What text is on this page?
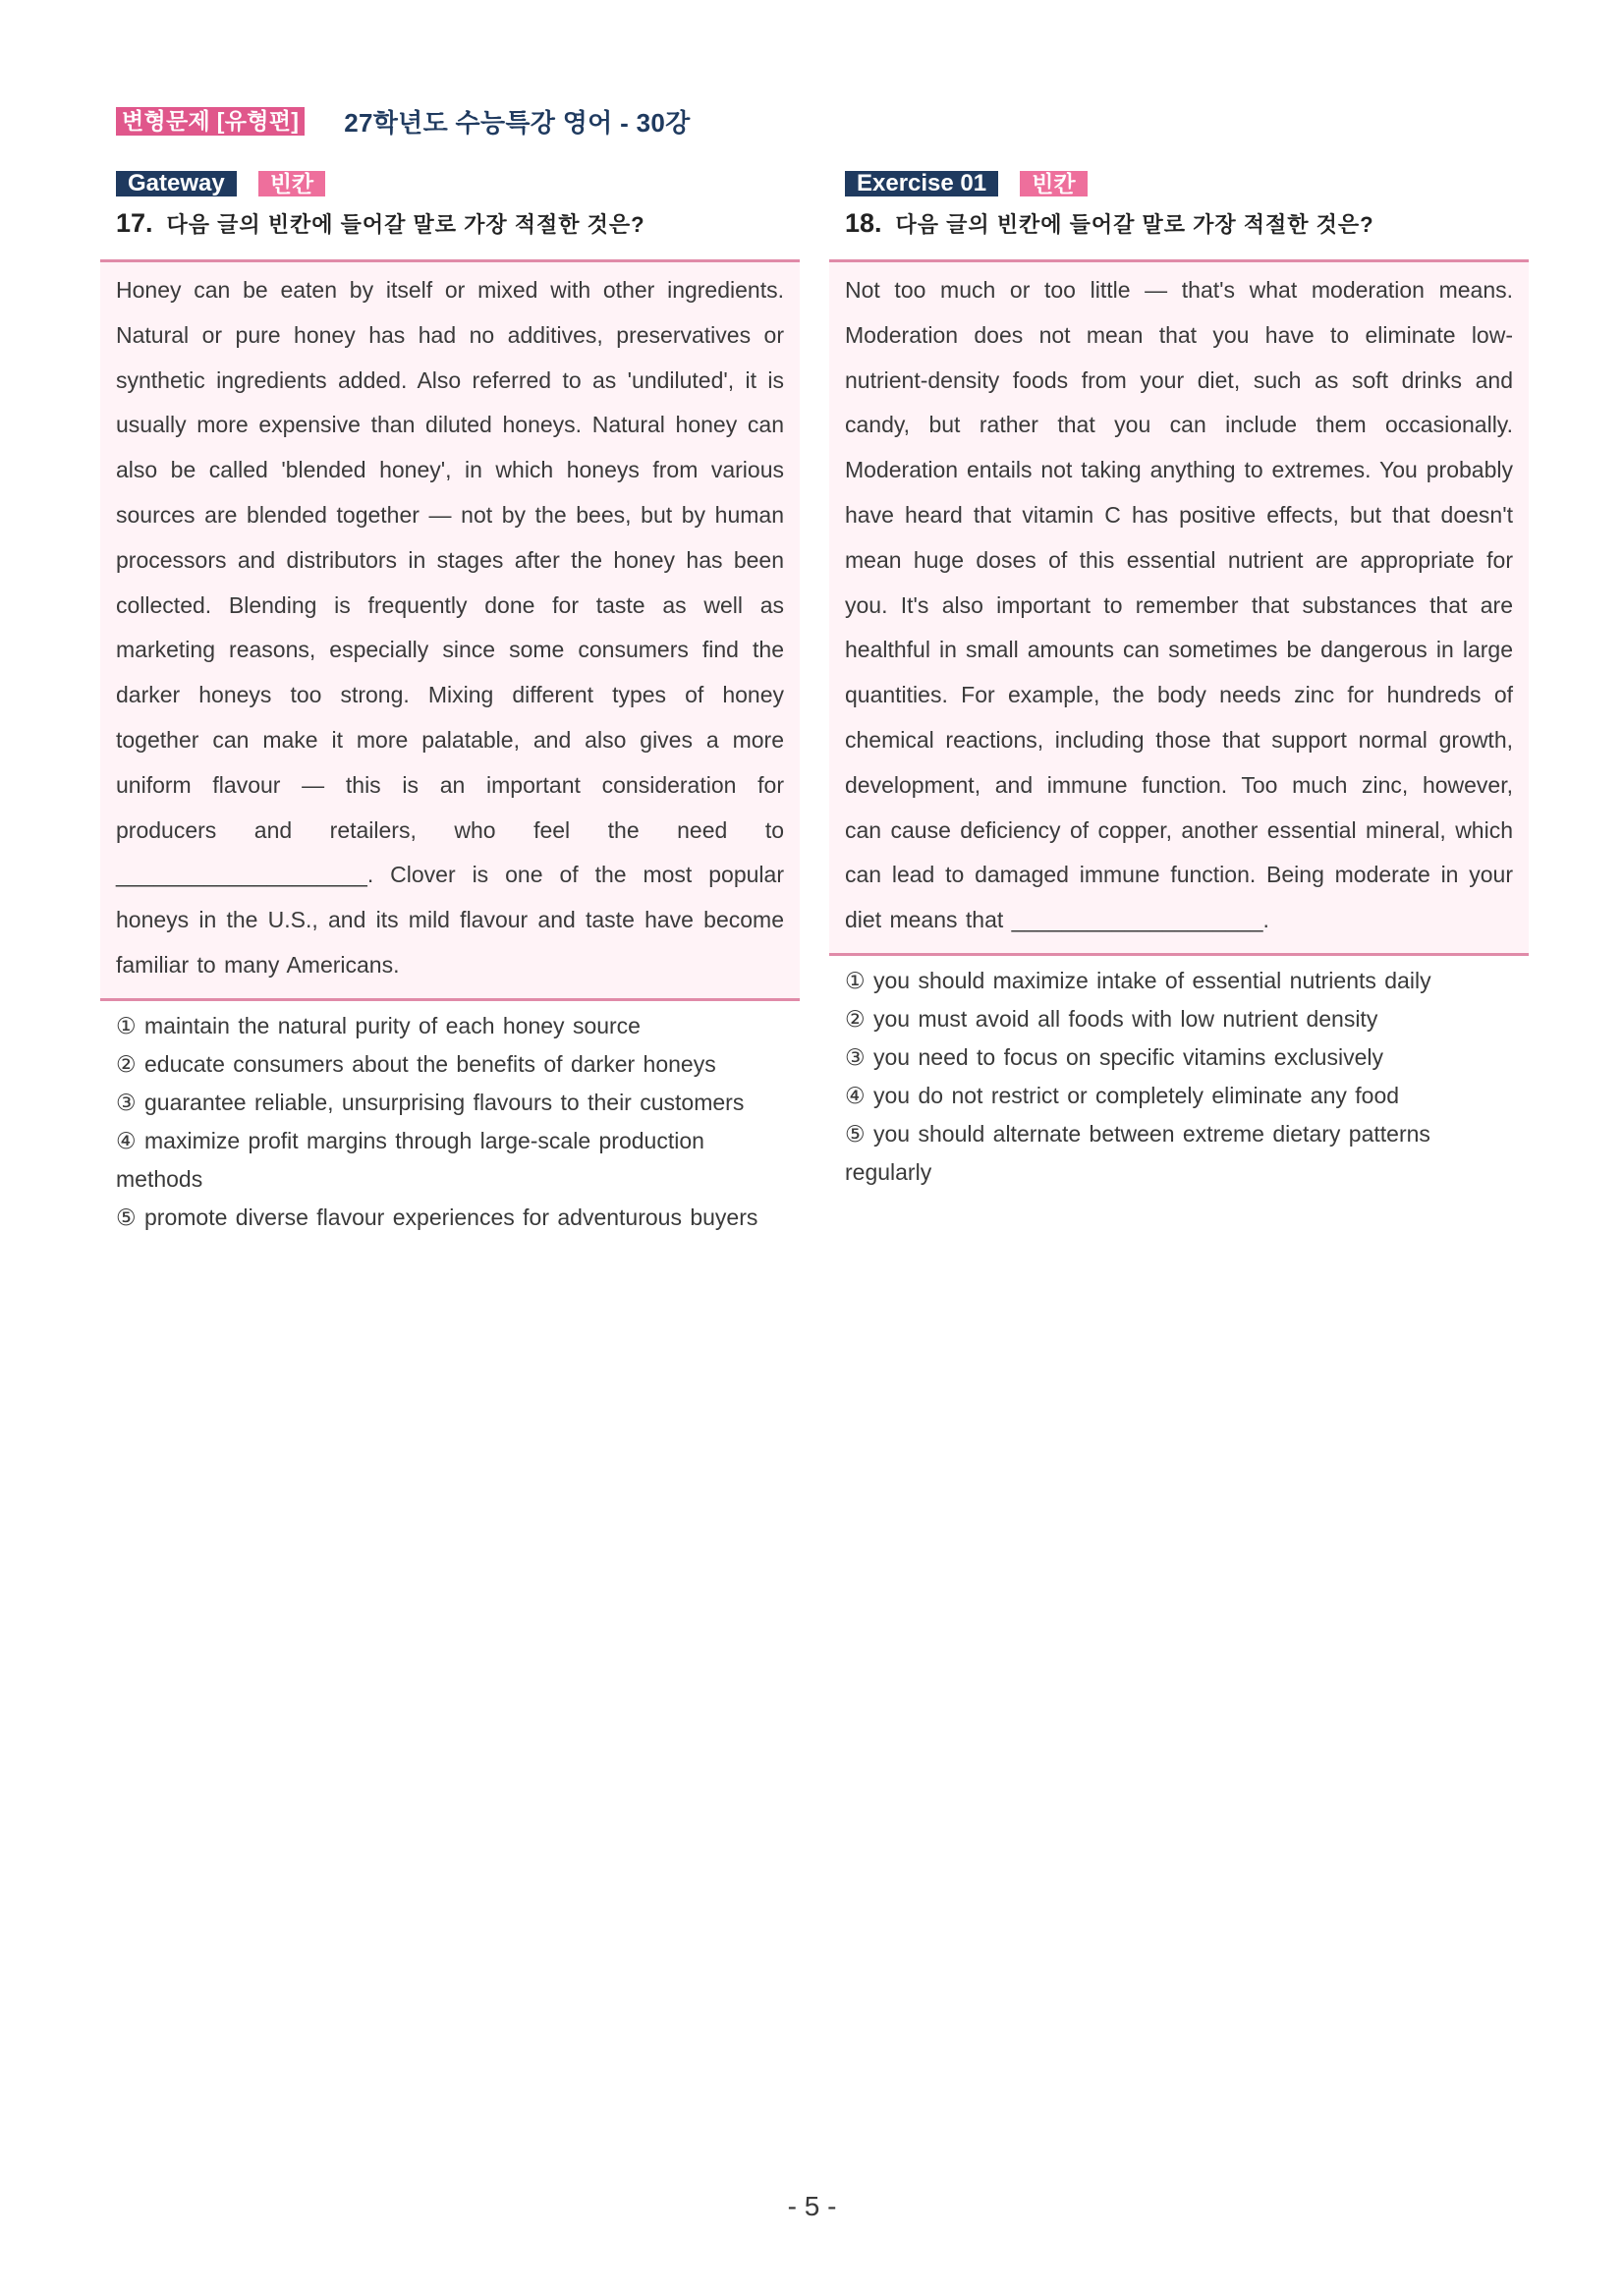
변형문제 [유형편] 27학년도 수능특강 영어 - 30강
Gateway	빈칸
17. 다음 글의 빈칸에 들어갈 말로 가장 적절한 것은?

Honey can be eaten by itself or mixed with other ingredients. Natural or pure honey has had no additives, preservatives or synthetic ingredients added. Also referred to as 'undiluted', it is usually more expensive than diluted honeys. Natural honey can also be called 'blended honey', in which honeys from various sources are blended together — not by the bees, but by human processors and distributors in stages after the honey has been collected. Blending is frequently done for taste as well as marketing reasons, especially since some consumers find the darker honeys too strong. Mixing different types of honey together can make it more palatable, and also gives a more uniform flavour — this is an important consideration for producers and retailers, who feel the need to ____________________. Clover is one of the most popular honeys in the U.S., and its mild flavour and taste have become familiar to many Americans.

① maintain the natural purity of each honey source
② educate consumers about the benefits of darker honeys
③ guarantee reliable, unsurprising flavours to their customers
④ maximize profit margins through large-scale production methods
⑤ promote diverse flavour experiences for adventurous buyers
Exercise 01	빈칸
18. 다음 글의 빈칸에 들어갈 말로 가장 적절한 것은?

Not too much or too little — that's what moderation means. Moderation does not mean that you have to eliminate low-nutrient-density foods from your diet, such as soft drinks and candy, but rather that you can include them occasionally. Moderation entails not taking anything to extremes. You probably have heard that vitamin C has positive effects, but that doesn't mean huge doses of this essential nutrient are appropriate for you. It's also important to remember that substances that are healthful in small amounts can sometimes be dangerous in large quantities. For example, the body needs zinc for hundreds of chemical reactions, including those that support normal growth, development, and immune function. Too much zinc, however, can cause deficiency of copper, another essential mineral, which can lead to damaged immune function. Being moderate in your diet means that ____________________.

① you should maximize intake of essential nutrients daily
② you must avoid all foods with low nutrient density
③ you need to focus on specific vitamins exclusively
④ you do not restrict or completely eliminate any food
⑤ you should alternate between extreme dietary patterns regularly
- 5 -
